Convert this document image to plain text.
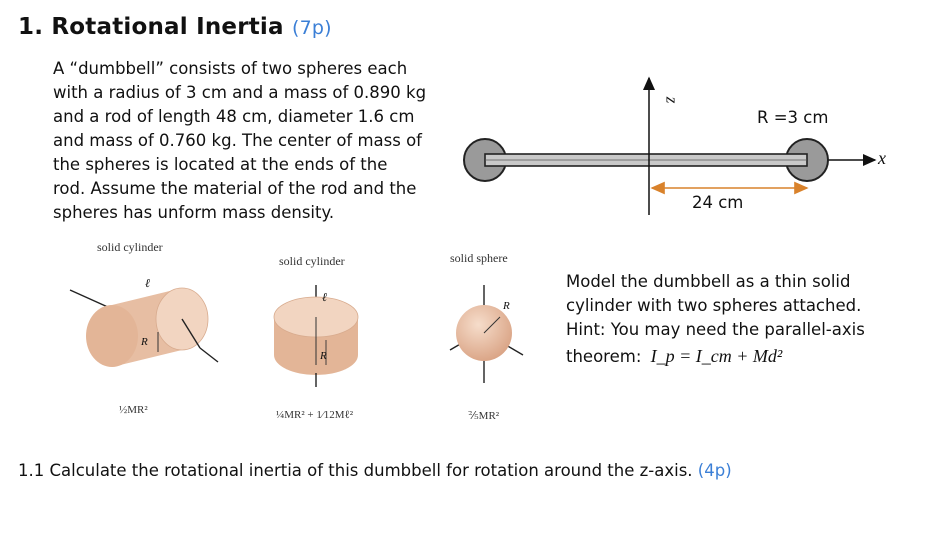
1. Rotational Inertia (7p)

A “dumbbell” consists of two spheres each
with a radius of 3 cm and a mass of 0.890 kg
and a rod of length 48 cm, diameter 1.6 cm
and mass of 0.760 kg. The center of mass of
the spheres is located at the ends of the
rod. Assume the material of the rod and the
spheres has unform mass density.

z
x
R =3 cm
24 cm
solid cylinder
ℓ
R
½MR²
solid cylinder
ℓ
R
¼MR² + 1⁄12Mℓ²
solid sphere
R
⅖MR²

Model the dumbbell as a thin solid
cylinder with two spheres attached.
Hint: You may need the parallel-axis
theorem: I_p = I_cm + Md²

1.1 Calculate the rotational inertia of this dumbbell for rotation around the z-axis. (4p)
